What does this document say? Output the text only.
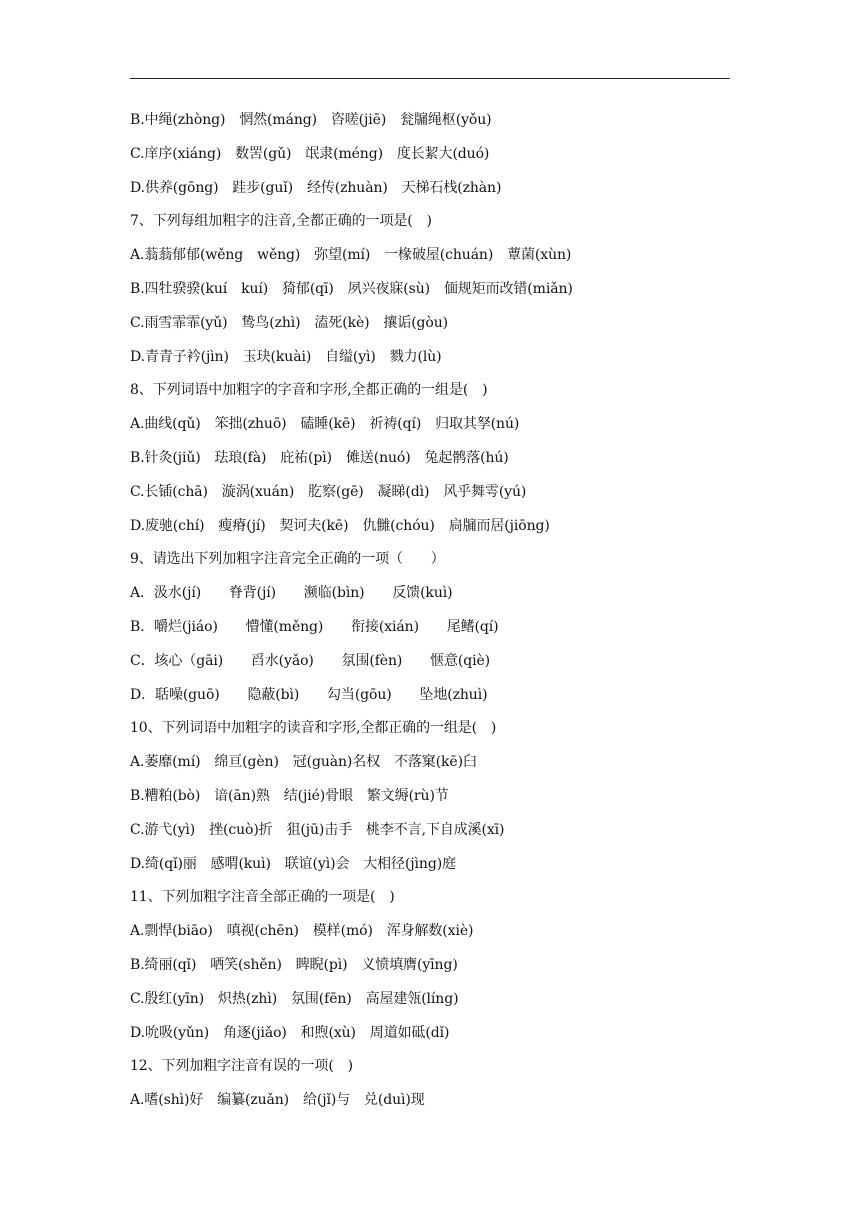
B.中绳(zhòng)　惘然(máng)　咨嗟(jiē)　瓮牖绳枢(yǒu)
C.庠序(xiáng)　数罟(gǔ)　氓隶(méng)　度长絜大(duó)
D.供养(gōng)　跬步(guǐ)　经传(zhuàn)　天梯石栈(zhàn)
7、下列每组加粗字的注音,全都正确的一项是(　)
A.蓊蓊郁郁(wěng　wěng)　弥望(mí)　一椽破屋(chuán)　蕈菌(xùn)
B.四牡骙骙(kuí　kuí)　猗郁(qī)　夙兴夜寐(sù)　偭规矩而改错(miǎn)
C.雨雪霏霏(yǔ)　鸷鸟(zhì)　溘死(kè)　攘诟(gòu)
D.青青子衿(jìn)　玉玦(kuài)　自缢(yì)　戮力(lù)
8、下列词语中加粗字的字音和字形,全都正确的一组是(　)
A.曲线(qǔ)　笨拙(zhuō)　磕睡(kē)　祈祷(qí)　归取其孥(nú)
B.针灸(jiǔ)　珐琅(fà)　庇祐(pì)　傩送(nuó)　兔起鹘落(hú)
C.长锸(chā)　漩涡(xuán)　肐察(gē)　凝睇(dì)　风乎舞雩(yú)
D.废驰(chí)　瘦瘠(jí)　契诃夫(kē)　仇雠(chóu)　扃牖而居(jiōng)
9、请选出下列加粗字注音完全正确的一项（　　）
A．汲水(jí)　　脊背(jí)　　濒临(bìn)　　反馈(kuì)
B．嚼烂(jiáo)　　懵懂(měng)　　衔接(xián)　　尾鳍(qí)
C．垓心（gāi)　　舀水(yǎo)　　氛围(fèn)　　惬意(qiè)
D．聒噪(guō)　　隐蔽(bì)　　勾当(gōu)　　坠地(zhuì)
10、下列词语中加粗字的读音和字形,全都正确的一组是(　)
A.萎靡(mí)　绵亘(gèn)　冠(guàn)名权　不落窠(kē)臼
B.糟粕(bò)　谙(ān)熟　结(jié)骨眼　繁文缛(rù)节
C.游弋(yì)　挫(cuò)折　狙(jū)击手　桃李不言,下自成溪(xī)
D.绮(qǐ)丽　感喟(kuì)　联谊(yì)会　大相径(jìng)庭
11、下列加粗字注音全部正确的一项是(　)
A.剽悍(biāo)　嗔视(chēn)　模样(mó)　浑身解数(xiè)
B.绮丽(qǐ)　哂笑(shěn)　睥睨(pì)　义愤填膺(yīng)
C.殷红(yīn)　炽热(zhì)　氛围(fēn)　高屋建瓴(líng)
D.吮吸(yǔn)　角逐(jiǎo)　和煦(xù)　周道如砥(dǐ)
12、下列加粗字注音有误的一项(　)
A.嗜(shì)好　编纂(zuǎn)　给(jǐ)与　兑(duì)现
